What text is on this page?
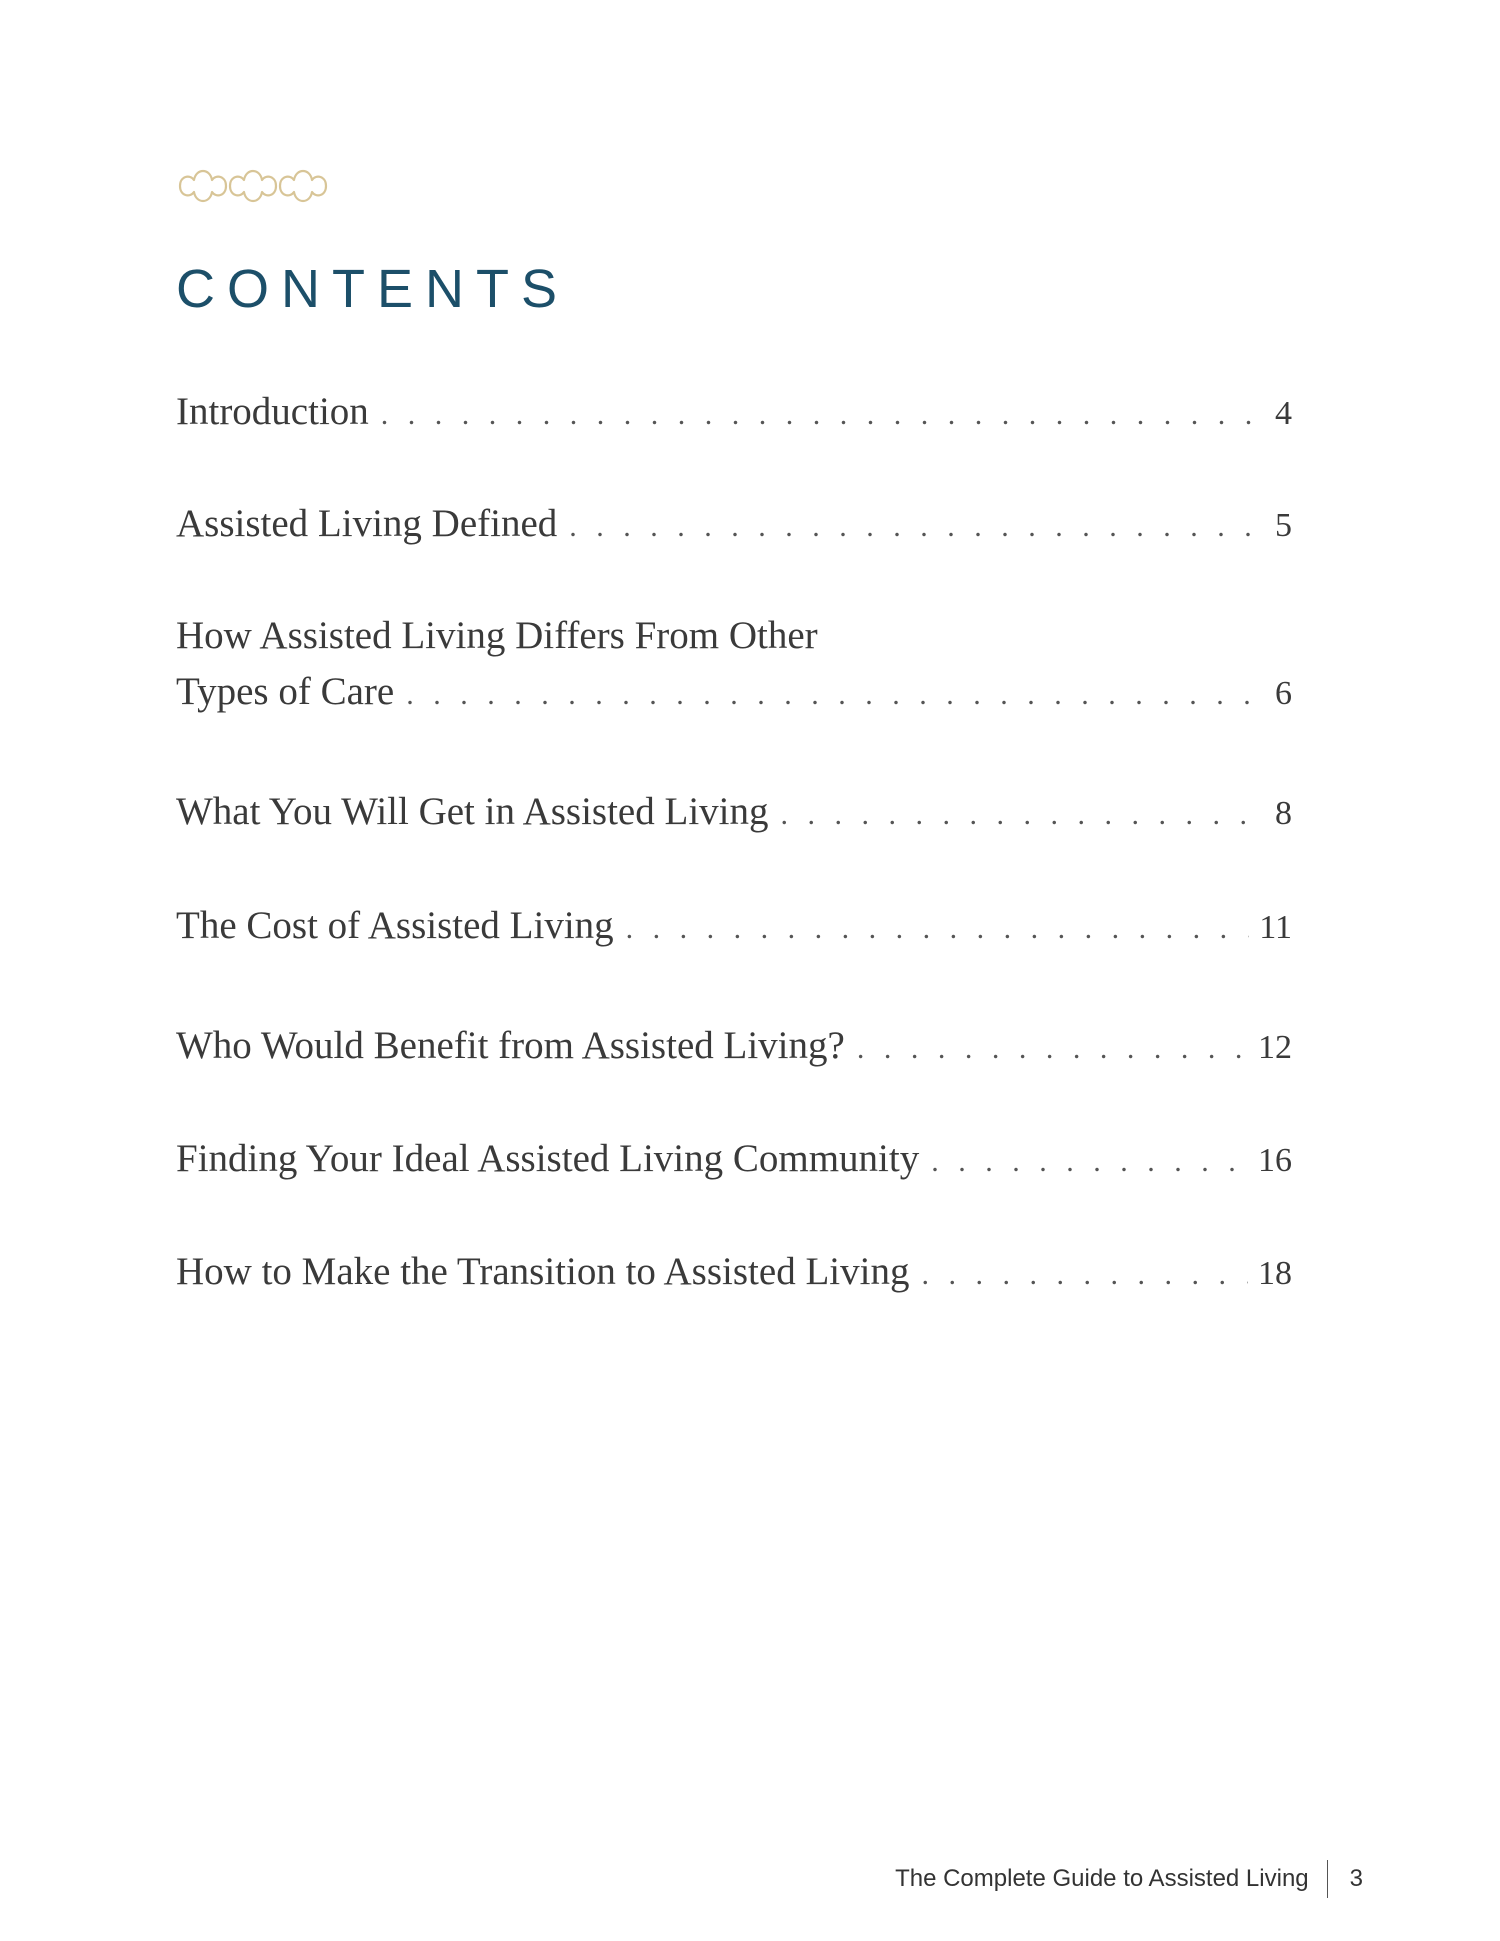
CONTENTS
Introduction . . .	4
Assisted Living Defined . . .	5
How Assisted Living Differs From Other
Types of Care . . .	6
What You Will Get in Assisted Living . . .	8
The Cost of Assisted Living . . .	11
Who Would Benefit from Assisted Living? . . .	12
Finding Your Ideal Assisted Living Community . . .	16
How to Make the Transition to Assisted Living . . .	18
The Complete Guide to Assisted Living 3
